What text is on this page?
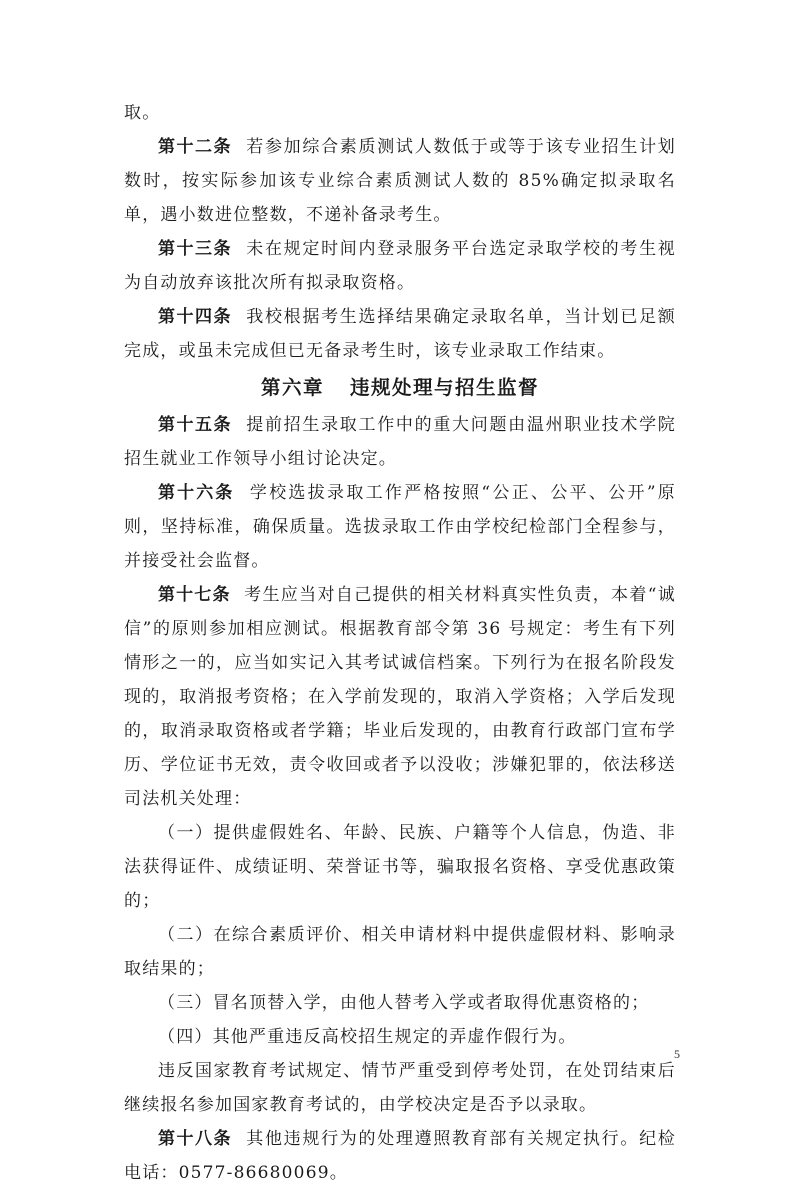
取。

第十二条 若参加综合素质测试人数低于或等于该专业招生计划数时，按实际参加该专业综合素质测试人数的 85%确定拟录取名单，遇小数进位整数，不递补备录考生。

第十三条 未在规定时间内登录服务平台选定录取学校的考生视为自动放弃该批次所有拟录取资格。

第十四条 我校根据考生选择结果确定录取名单，当计划已足额完成，或虽未完成但已无备录考生时，该专业录取工作结束。

第六章 违规处理与招生监督

第十五条 提前招生录取工作中的重大问题由温州职业技术学院招生就业工作领导小组讨论决定。

第十六条 学校选拔录取工作严格按照“公正、公平、公开”原则，坚持标准，确保质量。选拔录取工作由学校纪检部门全程参与，并接受社会监督。

第十七条 考生应当对自己提供的相关材料真实性负责，本着“诚信”的原则参加相应测试。根据教育部令第 36 号规定：考生有下列情形之一的，应当如实记入其考试诚信档案。下列行为在报名阶段发现的，取消报考资格；在入学前发现的，取消入学资格；入学后发现的，取消录取资格或者学籍；毕业后发现的，由教育行政部门宣布学历、学位证书无效，责令收回或者予以没收；涉嫌犯罪的，依法移送司法机关处理：

（一）提供虚假姓名、年龄、民族、户籍等个人信息，伪造、非法获得证件、成绩证明、荣誉证书等，骗取报名资格、享受优惠政策的；

（二）在综合素质评价、相关申请材料中提供虚假材料、影响录取结果的；

（三）冒名顶替入学，由他人替考入学或者取得优惠资格的；

（四）其他严重违反高校招生规定的弄虚作假行为。

违反国家教育考试规定、情节严重受到停考处罚，在处罚结束后继续报名参加国家教育考试的，由学校决定是否予以录取。

第十八条 其他违规行为的处理遵照教育部有关规定执行。纪检电话：0577-86680069。

5
